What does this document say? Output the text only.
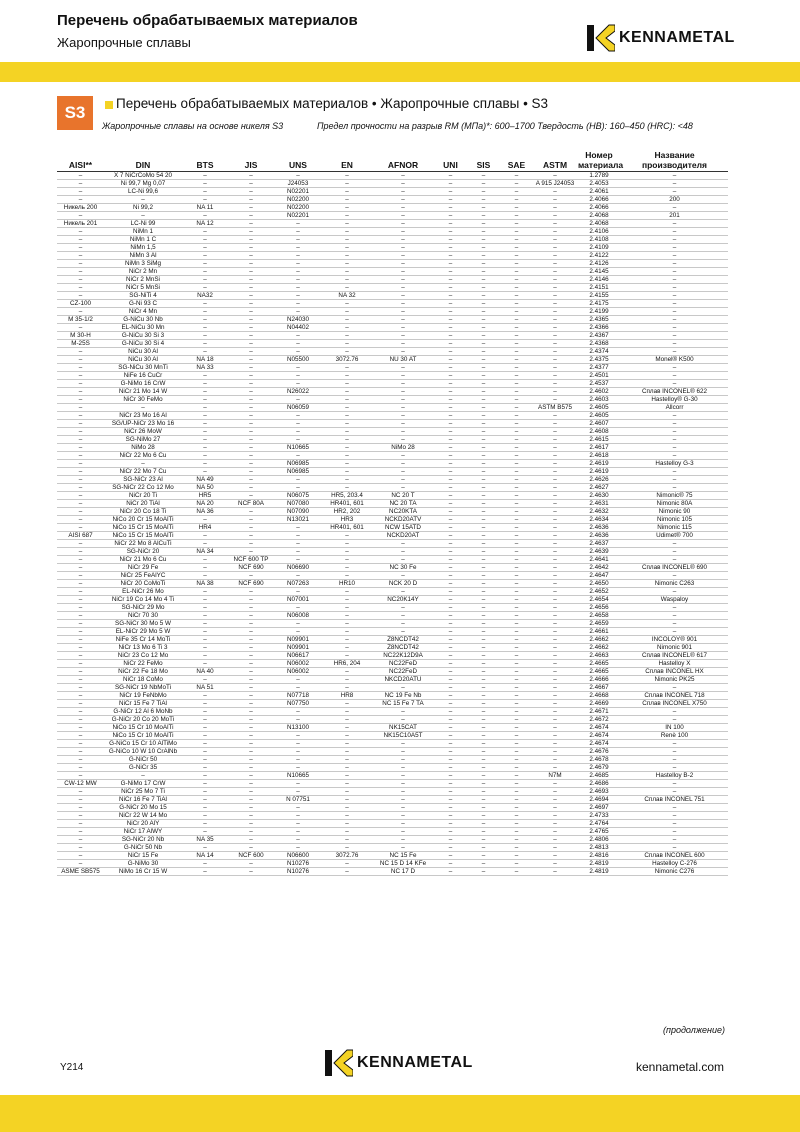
Перечень обрабатываемых материалов
Жаропрочные сплавы	KENNAMETAL
S3	Перечень обрабатываемых материалов • Жаропрочные сплавы • S3
Жаропрочные сплавы на основе никеля S3	Предел прочности на разрыв RM (МПа)*: 600–1700 Твердость (HB): 160–450 (HRC): <48
AISI**	DIN	BTS	JIS	UNS	EN	AFNOR	UNI	SIS	SAE	ASTM	Номер материала	Название производителя
–	X 7 NiCrCoMo 54 20	–	–	–	–	–	–	–	–	–	1.2789	–
–	Ni 99,7 Mg 0,07	–	–	J24053	–	–	–	–	–	A 915 J24053	2.4053	–
–	LC-Ni 99,6	–	–	N02201	–	–	–	–	–	–	2.4061	–
–	–	–	–	N02200	–	–	–	–	–	–	2.4066	200
Никель 200	Ni 99,2	NA 11	–	N02200	–	–	–	–	–	–	2.4066	–
–	–	–	–	N02201	–	–	–	–	–	–	2.4068	201
Никель 201	LC-Ni 99	NA 12	–	–	–	–	–	–	–	–	2.4068	–
–	NiMn 1	–	–	–	–	–	–	–	–	–	2.4106	–
–	NiMn 1 C	–	–	–	–	–	–	–	–	–	2.4108	–
–	NiMn 1,5	–	–	–	–	–	–	–	–	–	2.4109	–
–	NiMn 3 Al	–	–	–	–	–	–	–	–	–	2.4122	–
–	NiMn 3 SiMg	–	–	–	–	–	–	–	–	–	2.4126	–
–	NiCr 2 Mn	–	–	–	–	–	–	–	–	–	2.4145	–
–	NiCr 2 MnSi	–	–	–	–	–	–	–	–	–	2.4146	–
–	NiCr 5 MnSi	–	–	–	–	–	–	–	–	–	2.4151	–
–	SG-NiTi 4	NA32	–	–	NA 32	–	–	–	–	–	2.4155	–
CZ-100	G-Ni 93 C	–	–	–	–	–	–	–	–	–	2.4175	–
–	NiCr 4 Mn	–	–	–	–	–	–	–	–	–	2.4199	–
M 35-1/2	G-NiCu 30 Nb	–	–	N24030	–	–	–	–	–	–	2.4365	–
–	EL-NiCu 30 Mn	–	–	N04402	–	–	–	–	–	–	2.4366	–
M 30-H	G-NiCu 30 Si 3	–	–	–	–	–	–	–	–	–	2.4367	–
M-25S	G-NiCu 30 Si 4	–	–	–	–	–	–	–	–	–	2.4368	–
–	NiCu 30 Al	–	–	–	–	–	–	–	–	–	2.4374	–
–	NiCu 30 Al	NA 18	–	N05500	3072.76	NU 30 AT	–	–	–	–	2.4375	Monel® K500
–	SG-NiCu 30 MnTi	NA 33	–	–	–	–	–	–	–	–	2.4377	–
–	NiFe 16 CuCr	–	–	–	–	–	–	–	–	–	2.4501	–
–	G-NiMo 16 CrW	–	–	–	–	–	–	–	–	–	2.4537	–
–	NiCr 21 Mo 14 W	–	–	N26022	–	–	–	–	–	–	2.4602	Сплав INCONEL® 622
–	NiCr 30 FeMo	–	–	–	–	–	–	–	–	–	2.4603	Hastelloy® G-30
–	–	–	–	N06059	–	–	–	–	–	ASTM B575	2.4605	Allcorr
–	NiCr 23 Mo 16 Al	–	–	–	–	–	–	–	–	–	2.4605	–
–	SG/UP-NiCr 23 Mo 16	–	–	–	–	–	–	–	–	–	2.4607	–
–	NiCr 26 MoW	–	–	–	–	–	–	–	–	–	2.4608	–
–	SG-NiMo 27	–	–	–	–	–	–	–	–	–	2.4615	–
–	NiMo 28	–	–	N10665	–	NiMo 28	–	–	–	–	2.4617	–
–	NiCr 22 Mo 6 Cu	–	–	–	–	–	–	–	–	–	2.4618	–
–	–	–	–	N06985	–	–	–	–	–	–	2.4619	Hastelloy G-3
–	NiCr 22 Mo 7 Cu	–	–	N06985	–	–	–	–	–	–	2.4619	–
–	SG-NiCr 23 Al	NA 49	–	–	–	–	–	–	–	–	2.4626	–
–	SG-NiCr 22 Co 12 Mo	NA 50	–	–	–	–	–	–	–	–	2.4627	–
–	NiCr 20 Ti	HR5	–	N06075	HR5, 203.4	NC 20 T	–	–	–	–	2.4630	Nimonic® 75
–	NiCr 20 TiAl	NA 20	NCF 80A	N07080	HR401, 601	NC 20 TA	–	–	–	–	2.4631	Nimonic 80A
–	NiCr 20 Co 18 Ti	NA 36	–	N07090	HR2, 202	NC20KTA	–	–	–	–	2.4632	Nimonic 90
–	NiCo 20 Cr 15 MoAlTi	–	–	N13021	HR3	NCKD20ATV	–	–	–	–	2.4634	Nimonic 105
–	NiCo 15 Cr 15 MoAlTi	HR4	–	–	HR401, 601	NCW 15ATD	–	–	–	–	2.4636	Nimonic 115
AISI 687	NiCo 15 Cr 15 MoAlTi	–	–	–	–	NCKD20AT	–	–	–	–	2.4636	Udimet® 700
–	NiCr 22 Mo 8 AlCuTi	–	–	–	–	–	–	–	–	–	2.4637	–
–	SG-NiCr 20	NA 34	–	–	–	–	–	–	–	–	2.4639	–
–	NiCr 21 Mo 6 Cu	–	NCF 600 TP	–	–	–	–	–	–	–	2.4641	–
–	NiCr 29 Fe	–	NCF 690	N06690	–	NC 30 Fe	–	–	–	–	2.4642	Сплав INCONEL® 690
–	NiCr 25 FeAlYC	–	–	–	–	–	–	–	–	–	2.4647	–
–	NiCr 20 CoMoTi	NA 38	NCF 690	N07263	HR10	NCK 20 D	–	–	–	–	2.4650	Nimonic C263
–	EL-NiCr 26 Mo	–	–	–	–	–	–	–	–	–	2.4652	–
–	NiCr 19 Co 14 Mo 4 Ti	–	–	N07001	–	NC20K14Y	–	–	–	–	2.4654	Waspaloy
–	SG-NiCr 29 Mo	–	–	–	–	–	–	–	–	–	2.4656	–
–	NiCr 70 30	–	–	N06008	–	–	–	–	–	–	2.4658	–
–	SG-NiCr 30 Mo 5 W	–	–	–	–	–	–	–	–	–	2.4659	–
–	EL-NiCr 29 Mo 5 W	–	–	–	–	–	–	–	–	–	2.4661	–
–	NiFe 35 Cr 14 MoTi	–	–	N09901	–	Z8NCDT42	–	–	–	–	2.4662	INCOLOY® 901
–	NiCr 13 Mo 6 Ti 3	–	–	N09901	–	Z8NCDT42	–	–	–	–	2.4662	Nimonic 901
–	NiCr 23 Co 12 Mo	–	–	N06617	–	NC22K12D9A	–	–	–	–	2.4663	Сплав INCONEL® 617
–	NiCr 22 FeMo	–	–	N06002	HR6, 204	NC22FeD	–	–	–	–	2.4665	Hastelloy X
–	NiCr 22 Fe 18 Mo	NA 40	–	N06002	–	NC22FeD	–	–	–	–	2.4665	Сплав INCONEL HX
–	NiCr 18 CoMo	–	–	–	–	NKCD20ATU	–	–	–	–	2.4666	Nimonic PK25
–	SG-NiCr 19 NbMoTi	NA 51	–	–	–	–	–	–	–	–	2.4667	–
–	NiCr 19 FeNbMo	–	–	N07718	HR8	NC 19 Fe Nb	–	–	–	–	2.4668	Сплав INCONEL 718
–	NiCr 15 Fe 7 TiAl	–	–	N07750	–	NC 15 Fe 7 TA	–	–	–	–	2.4669	Сплав INCONEL X750
–	G-NiCr 12 Al 6 MoNb	–	–	–	–	–	–	–	–	–	2.4671	–
–	G-NiCr 20 Co 20 MoTi	–	–	–	–	–	–	–	–	–	2.4672	–
–	NiCo 15 Cr 10 MoAlTi	–	–	N13100	–	NK15CAT	–	–	–	–	2.4674	IN 100
–	NiCo 15 Cr 10 MoAlTi	–	–	–	–	NK15C10A5T	–	–	–	–	2.4674	Renè 100
–	G-NiCo 15 Cr 10 AlTiMo	–	–	–	–	–	–	–	–	–	2.4674	–
–	G-NiCo 10 W 10 CrAlNb	–	–	–	–	–	–	–	–	–	2.4676	–
–	G-NiCr 50	–	–	–	–	–	–	–	–	–	2.4678	–
–	G-NiCr 35	–	–	–	–	–	–	–	–	–	2.4679	–
–	–	–	–	N10665	–	–	–	–	–	N7M	2.4685	Hastelloy B-2
CW-12 MW	G-NiMo 17 CrW	–	–	–	–	–	–	–	–	–	2.4686	–
–	NiCr 25 Mo 7 Ti	–	–	–	–	–	–	–	–	–	2.4693	–
–	NiCr 16 Fe 7 TiAl	–	–	N 07751	–	–	–	–	–	–	2.4694	Сплав INCONEL 751
–	G-NiCr 20 Mo 15	–	–	–	–	–	–	–	–	–	2.4697	–
–	NiCr 22 W 14 Mo	–	–	–	–	–	–	–	–	–	2.4733	–
–	NiCr 20 AlY	–	–	–	–	–	–	–	–	–	2.4764	–
–	NiCr 17 AlWY	–	–	–	–	–	–	–	–	–	2.4765	–
–	SG-NiCr 20 Nb	NA 35	–	–	–	–	–	–	–	–	2.4806	–
–	G-NiCr 50 Nb	–	–	–	–	–	–	–	–	–	2.4813	–
–	NiCr 15 Fe	NA 14	NCF 600	N06600	3072.76	NC 15 Fe	–	–	–	–	2.4816	Сплав INCONEL 600
–	G-NiMo 30	–	–	N10276	–	NC 15 D 14 KFe	–	–	–	–	2.4819	Hastelloy C-276
ASME SB575	NiMo 16 Cr 15 W	–	–	N10276	–	NC 17 D	–	–	–	–	2.4819	Nimonic C276
(продолжение)
Y214	KENNAMETAL	kennametal.com
